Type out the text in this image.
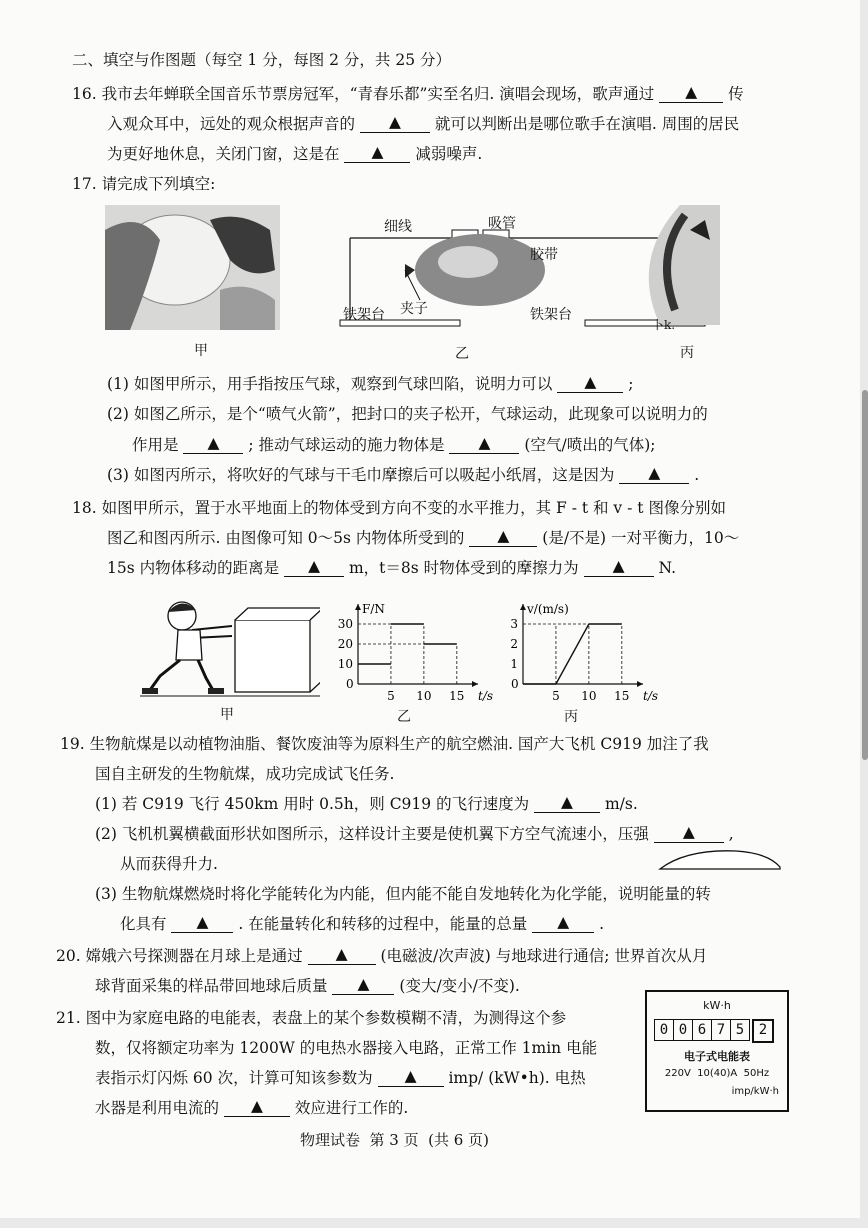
二、填空与作图题（每空 1 分，每图 2 分，共 25 分）
16. 我市去年蝉联全国音乐节票房冠军，“青春乐都”实至名归. 演唱会现场，歌声通过 ▲ 传
入观众耳中，远处的观众根据声音的 ▲ 就可以判断出是哪位歌手在演唱. 周围的居民
为更好地休息，关闭门窗，这是在 ▲ 减弱噪声.
17. 请完成下列填空:
细线	吸管
胶带
夹子
铁架台	铁架台
卜k.
甲	乙	丙
(1) 如图甲所示，用手指按压气球，观察到气球凹陷，说明力可以 ▲ ;
(2) 如图乙所示，是个“喷气火箭”，把封口的夹子松开，气球运动，此现象可以说明力的
作用是 ▲ ; 推动气球运动的施力物体是 ▲ (空气/喷出的气体);
(3) 如图丙所示，将吹好的气球与干毛巾摩擦后可以吸起小纸屑，这是因为 ▲ .
18. 如图甲所示，置于水平地面上的物体受到方向不变的水平推力，其 F - t 和 v - t 图像分别如
图乙和图丙所示. 由图像可知 0～5s 内物体所受到的 ▲ (是/不是) 一对平衡力，10～
15s 内物体移动的距离是 ▲ m，t＝8s 时物体受到的摩擦力为 ▲ N.
F/N
t/s
0
5 10 15
10
20
30
v/(m/s)
t/s
0
5 10 15
1
2
3
甲	乙	丙
19. 生物航煤是以动植物油脂、餐饮废油等为原料生产的航空燃油. 国产大飞机 C919 加注了我
国自主研发的生物航煤，成功完成试飞任务.
(1) 若 C919 飞行 450km 用时 0.5h，则 C919 的飞行速度为 ▲ m/s.
(2) 飞机机翼横截面形状如图所示，这样设计主要是使机翼下方空气流速小，压强 ▲ ,
从而获得升力.
(3) 生物航煤燃烧时将化学能转化为内能，但内能不能自发地转化为化学能，说明能量的转
化具有 ▲ . 在能量转化和转移的过程中，能量的总量 ▲ .
20. 嫦娥六号探测器在月球上是通过 ▲ (电磁波/次声波) 与地球进行通信; 世界首次从月
球背面采集的样品带回地球后质量 ▲ (变大/变小/不变).
21. 图中为家庭电路的电能表，表盘上的某个参数模糊不清，为测得这个参
数，仅将额定功率为 1200W 的电热水器接入电路，正常工作 1min 电能
表指示灯闪烁 60 次，计算可知该参数为 ▲ imp/ (kW•h). 电热
水器是利用电流的 ▲ 效应进行工作的.
kW·h
0 0 6 7 5	2
电子式电能表
220V  10(40)A  50Hz
imp/kW·h
物理试卷  第 3 页  (共 6 页)
